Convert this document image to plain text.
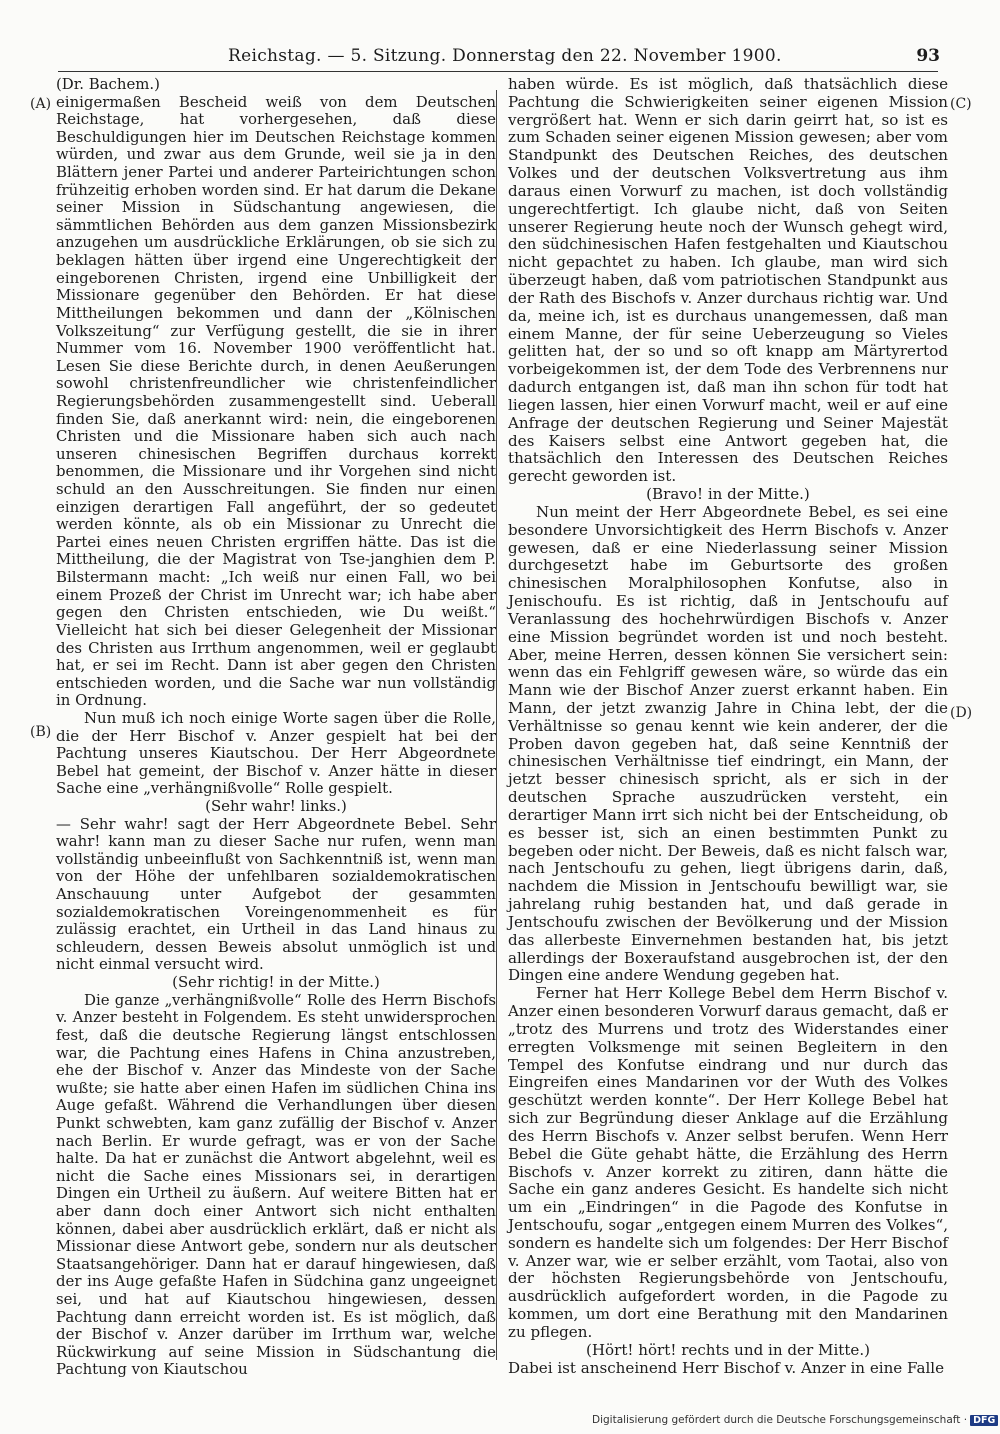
Reichstag. — 5. Sitzung. Donnerstag den 22. November 1900.	93
(A)
(B)
(C)
(D)

(Dr. Bachem.)

einigermaßen Bescheid weiß von dem Deutschen Reichstage, hat vorhergesehen, daß diese Beschuldigungen hier im Deutschen Reichstage kommen würden, und zwar aus dem Grunde, weil sie ja in den Blättern jener Partei und anderer Parteirichtungen schon frühzeitig erhoben worden sind. Er hat darum die Dekane seiner Mission in Südschantung angewiesen, die sämmtlichen Behörden aus dem ganzen Missionsbezirk anzugehen um ausdrückliche Erklärungen, ob sie sich zu beklagen hätten über irgend eine Ungerechtigkeit der eingeborenen Christen, irgend eine Unbilligkeit der Missionare gegenüber den Behörden. Er hat diese Mittheilungen bekommen und dann der „Kölnischen Volkszeitung“ zur Verfügung gestellt, die sie in ihrer Nummer vom 16. November 1900 veröffentlicht hat. Lesen Sie diese Berichte durch, in denen Aeußerungen sowohl christenfreundlicher wie christenfeindlicher Regierungsbehörden zusammengestellt sind. Ueberall finden Sie, daß anerkannt wird: nein, die eingeborenen Christen und die Missionare haben sich auch nach unseren chinesischen Begriffen durchaus korrekt benommen, die Missionare und ihr Vorgehen sind nicht schuld an den Ausschreitungen. Sie finden nur einen einzigen derartigen Fall angeführt, der so gedeutet werden könnte, als ob ein Missionar zu Unrecht die Partei eines neuen Christen ergriffen hätte. Das ist die Mittheilung, die der Magistrat von Tse-janghien dem P. Bilstermann macht: „Ich weiß nur einen Fall, wo bei einem Prozeß der Christ im Unrecht war; ich habe aber gegen den Christen entschieden, wie Du weißt.“ Vielleicht hat sich bei dieser Gelegenheit der Missionar des Christen aus Irrthum angenommen, weil er geglaubt hat, er sei im Recht. Dann ist aber gegen den Christen entschieden worden, und die Sache war nun vollständig in Ordnung.

Nun muß ich noch einige Worte sagen über die Rolle, die der Herr Bischof v. Anzer gespielt hat bei der Pachtung unseres Kiautschou. Der Herr Abgeordnete Bebel hat gemeint, der Bischof v. Anzer hätte in dieser Sache eine „verhängnißvolle“ Rolle gespielt.

(Sehr wahr! links.)

— Sehr wahr! sagt der Herr Abgeordnete Bebel. Sehr wahr! kann man zu dieser Sache nur rufen, wenn man vollständig unbeeinflußt von Sachkenntniß ist, wenn man von der Höhe der unfehlbaren sozialdemokratischen Anschauung unter Aufgebot der gesammten sozialdemokratischen Voreingenommenheit es für zulässig erachtet, ein Urtheil in das Land hinaus zu schleudern, dessen Beweis absolut unmöglich ist und nicht einmal versucht wird.

(Sehr richtig! in der Mitte.)

Die ganze „verhängnißvolle“ Rolle des Herrn Bischofs v. Anzer besteht in Folgendem. Es steht unwidersprochen fest, daß die deutsche Regierung längst entschlossen war, die Pachtung eines Hafens in China anzustreben, ehe der Bischof v. Anzer das Mindeste von der Sache wußte; sie hatte aber einen Hafen im südlichen China ins Auge gefaßt. Während die Verhandlungen über diesen Punkt schwebten, kam ganz zufällig der Bischof v. Anzer nach Berlin. Er wurde gefragt, was er von der Sache halte. Da hat er zunächst die Antwort abgelehnt, weil es nicht die Sache eines Missionars sei, in derartigen Dingen ein Urtheil zu äußern. Auf weitere Bitten hat er aber dann doch einer Antwort sich nicht enthalten können, dabei aber ausdrücklich erklärt, daß er nicht als Missionar diese Antwort gebe, sondern nur als deutscher Staatsangehöriger. Dann hat er darauf hingewiesen, daß der ins Auge gefaßte Hafen in Südchina ganz ungeeignet sei, und hat auf Kiautschou hingewiesen, dessen Pachtung dann erreicht worden ist. Es ist möglich, daß der Bischof v. Anzer darüber im Irrthum war, welche Rückwirkung auf seine Mission in Südschantung die Pachtung von Kiautschou

haben würde. Es ist möglich, daß thatsächlich diese Pachtung die Schwierigkeiten seiner eigenen Mission vergrößert hat. Wenn er sich darin geirrt hat, so ist es zum Schaden seiner eigenen Mission gewesen; aber vom Standpunkt des Deutschen Reiches, des deutschen Volkes und der deutschen Volksvertretung aus ihm daraus einen Vorwurf zu machen, ist doch vollständig ungerechtfertigt. Ich glaube nicht, daß von Seiten unserer Regierung heute noch der Wunsch gehegt wird, den südchinesischen Hafen festgehalten und Kiautschou nicht gepachtet zu haben. Ich glaube, man wird sich überzeugt haben, daß vom patriotischen Standpunkt aus der Rath des Bischofs v. Anzer durchaus richtig war. Und da, meine ich, ist es durchaus unangemessen, daß man einem Manne, der für seine Ueberzeugung so Vieles gelitten hat, der so und so oft knapp am Märtyrertod vorbeigekommen ist, der dem Tode des Verbrennens nur dadurch entgangen ist, daß man ihn schon für todt hat liegen lassen, hier einen Vorwurf macht, weil er auf eine Anfrage der deutschen Regierung und Seiner Majestät des Kaisers selbst eine Antwort gegeben hat, die thatsächlich den Interessen des Deutschen Reiches gerecht geworden ist.

(Bravo! in der Mitte.)

Nun meint der Herr Abgeordnete Bebel, es sei eine besondere Unvorsichtigkeit des Herrn Bischofs v. Anzer gewesen, daß er eine Niederlassung seiner Mission durchgesetzt habe im Geburtsorte des großen chinesischen Moralphilosophen Konfutse, also in Jenischoufu. Es ist richtig, daß in Jentschoufu auf Veranlassung des hochehrwürdigen Bischofs v. Anzer eine Mission begründet worden ist und noch besteht. Aber, meine Herren, dessen können Sie versichert sein: wenn das ein Fehlgriff gewesen wäre, so würde das ein Mann wie der Bischof Anzer zuerst erkannt haben. Ein Mann, der jetzt zwanzig Jahre in China lebt, der die Verhältnisse so genau kennt wie kein anderer, der die Proben davon gegeben hat, daß seine Kenntniß der chinesischen Verhältnisse tief eindringt, ein Mann, der jetzt besser chinesisch spricht, als er sich in der deutschen Sprache auszudrücken versteht, ein derartiger Mann irrt sich nicht bei der Entscheidung, ob es besser ist, sich an einen bestimmten Punkt zu begeben oder nicht. Der Beweis, daß es nicht falsch war, nach Jentschoufu zu gehen, liegt übrigens darin, daß, nachdem die Mission in Jentschoufu bewilligt war, sie jahrelang ruhig bestanden hat, und daß gerade in Jentschoufu zwischen der Bevölkerung und der Mission das allerbeste Einvernehmen bestanden hat, bis jetzt allerdings der Boxeraufstand ausgebrochen ist, der den Dingen eine andere Wendung gegeben hat.

Ferner hat Herr Kollege Bebel dem Herrn Bischof v. Anzer einen besonderen Vorwurf daraus gemacht, daß er „trotz des Murrens und trotz des Widerstandes einer erregten Volksmenge mit seinen Begleitern in den Tempel des Konfutse eindrang und nur durch das Eingreifen eines Mandarinen vor der Wuth des Volkes geschützt werden konnte“. Der Herr Kollege Bebel hat sich zur Begründung dieser Anklage auf die Erzählung des Herrn Bischofs v. Anzer selbst berufen. Wenn Herr Bebel die Güte gehabt hätte, die Erzählung des Herrn Bischofs v. Anzer korrekt zu zitiren, dann hätte die Sache ein ganz anderes Gesicht. Es handelte sich nicht um ein „Eindringen“ in die Pagode des Konfutse in Jentschoufu, sogar „entgegen einem Murren des Volkes“, sondern es handelte sich um folgendes: Der Herr Bischof v. Anzer war, wie er selber erzählt, vom Taotai, also von der höchsten Regierungsbehörde von Jentschoufu, ausdrücklich aufgefordert worden, in die Pagode zu kommen, um dort eine Berathung mit den Mandarinen zu pflegen.

(Hört! hört! rechts und in der Mitte.)

Dabei ist anscheinend Herr Bischof v. Anzer in eine Falle

Digitalisierung gefördert durch die Deutsche Forschungsgemeinschaft · DFG
